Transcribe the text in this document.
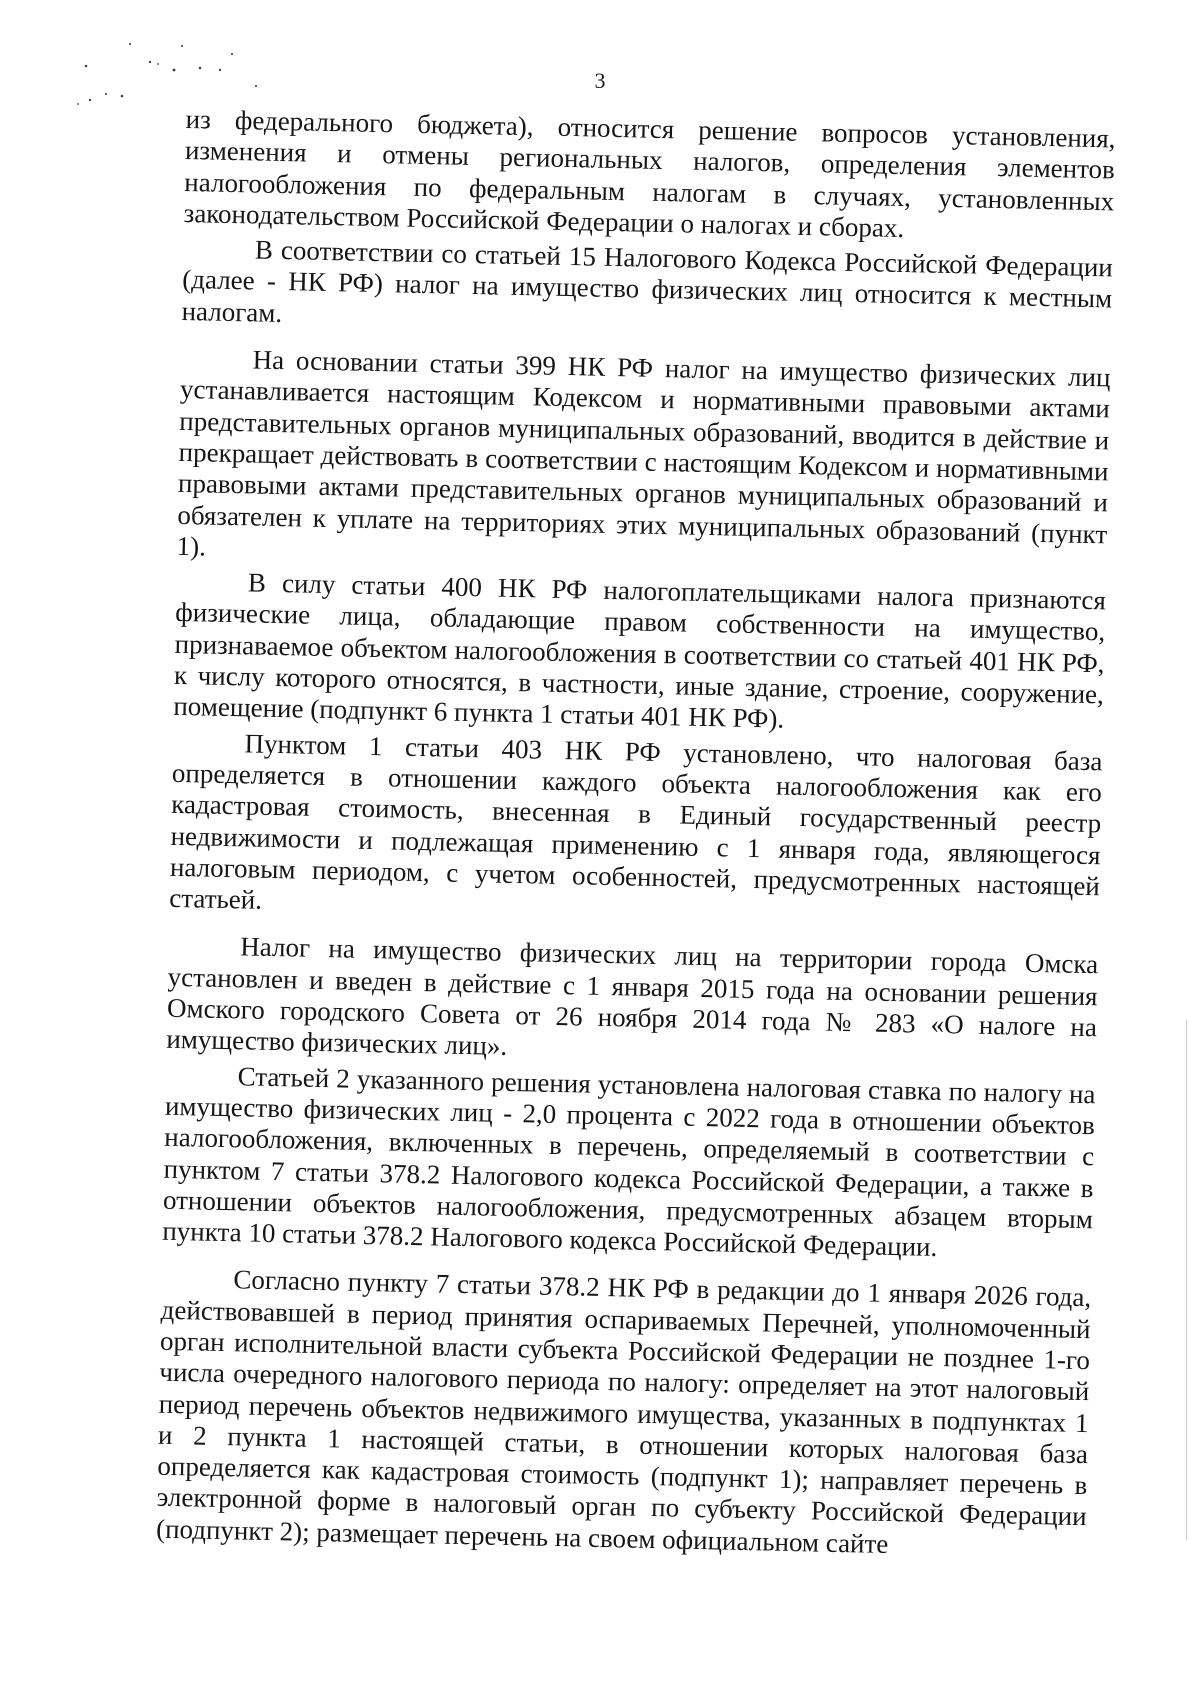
3

из федерального бюджета), относится решение вопросов установления, изменения и отмены региональных налогов, определения элементов налогообложения по федеральным налогам в случаях, установленных законодательством Российской Федерации о налогах и сборах.

В соответствии со статьей 15 Налогового Кодекса Российской Федерации (далее - НК РФ) налог на имущество физических лиц относится к местным налогам.

На основании статьи 399 НК РФ налог на имущество физических лиц устанавливается настоящим Кодексом и нормативными правовыми актами представительных органов муниципальных образований, вводится в действие и прекращает действовать в соответствии с настоящим Кодексом и нормативными правовыми актами представительных органов муниципальных образований и обязателен к уплате на территориях этих муниципальных образований (пункт 1).

В силу статьи 400 НК РФ налогоплательщиками налога признаются физические лица, обладающие правом собственности на имущество, признаваемое объектом налогообложения в соответствии со статьей 401 НК РФ, к числу которого относятся, в частности, иные здание, строение, сооружение, помещение (подпункт 6 пункта 1 статьи 401 НК РФ).

Пунктом 1 статьи 403 НК РФ установлено, что налоговая база определяется в отношении каждого объекта налогообложения как его кадастровая стоимость, внесенная в Единый государственный реестр недвижимости и подлежащая применению с 1 января года, являющегося налоговым периодом, с учетом особенностей, предусмотренных настоящей статьей.

Налог на имущество физических лиц на территории города Омска установлен и введен в действие с 1 января 2015 года на основании решения Омского городского Совета от 26 ноября 2014 года № 283 «О налоге на имущество физических лиц».

Статьей 2 указанного решения установлена налоговая ставка по налогу на имущество физических лиц - 2,0 процента с 2022 года в отношении объектов налогообложения, включенных в перечень, определяемый в соответствии с пунктом 7 статьи 378.2 Налогового кодекса Российской Федерации, а также в отношении объектов налогообложения, предусмотренных абзацем вторым пункта 10 статьи 378.2 Налогового кодекса Российской Федерации.

Согласно пункту 7 статьи 378.2 НК РФ в редакции до 1 января 2026 года, действовавшей в период принятия оспариваемых Перечней, уполномоченный орган исполнительной власти субъекта Российской Федерации не позднее 1-го числа очередного налогового периода по налогу: определяет на этот налоговый период перечень объектов недвижимого имущества, указанных в подпунктах 1 и 2 пункта 1 настоящей статьи, в отношении которых налоговая база определяется как кадастровая стоимость (подпункт 1); направляет перечень в электронной форме в налоговый орган по субъекту Российской Федерации (подпункт 2); размещает перечень на своем официальном сайте
